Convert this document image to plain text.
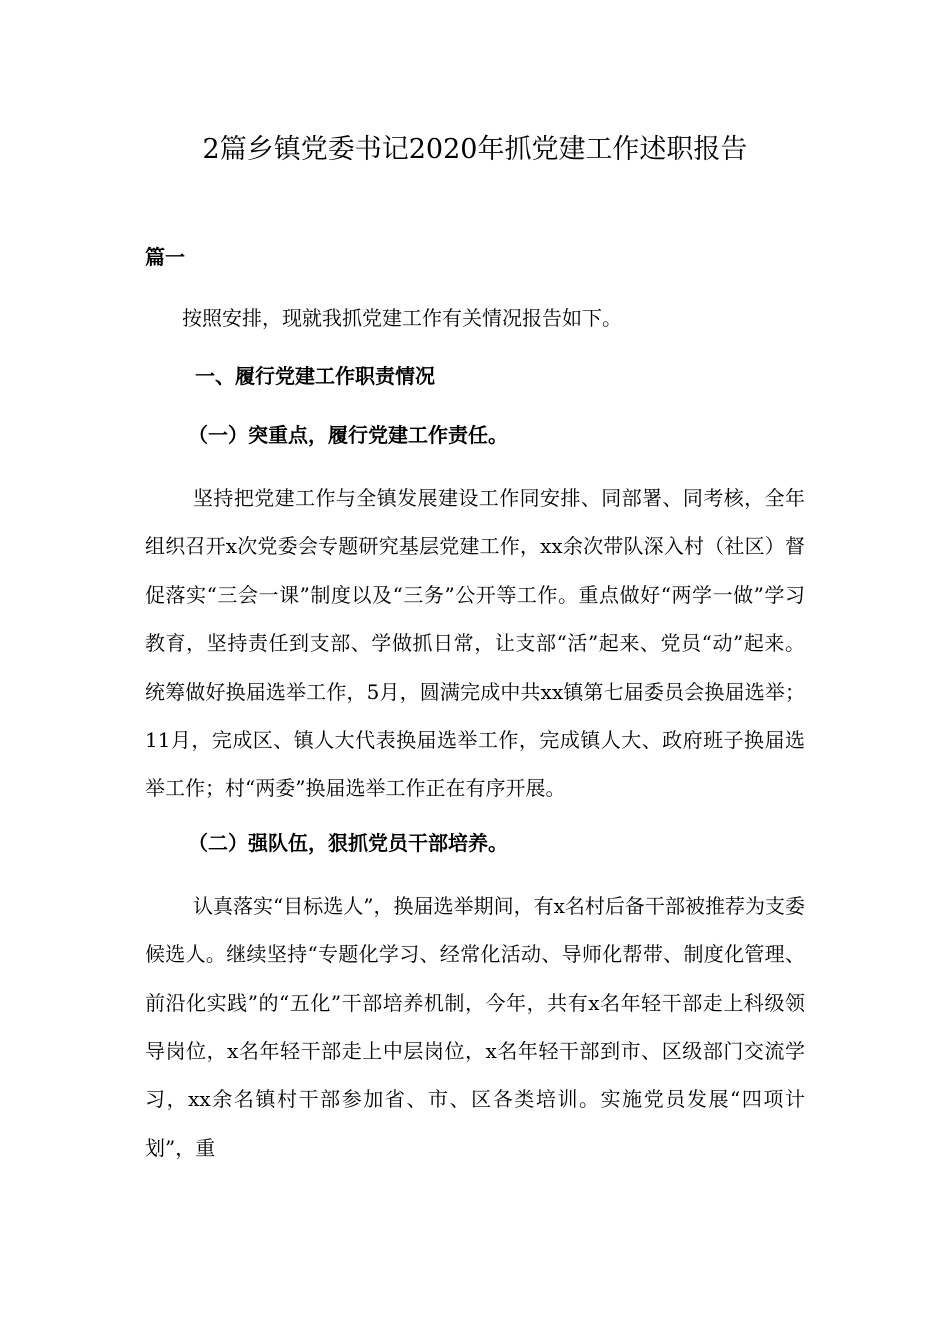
2篇乡镇党委书记2020年抓党建工作述职报告
篇一
按照安排，现就我抓党建工作有关情况报告如下。
一、履行党建工作职责情况
（一）突重点，履行党建工作责任。
坚持把党建工作与全镇发展建设工作同安排、同部署、同考核，全年组织召开x次党委会专题研究基层党建工作，xx余次带队深入村（社区）督促落实“三会一课”制度以及“三务”公开等工作。重点做好“两学一做”学习教育，坚持责任到支部、学做抓日常，让支部“活”起来、党员“动”起来。统筹做好换届选举工作，5月，圆满完成中共xx镇第七届委员会换届选举；11月，完成区、镇人大代表换届选举工作，完成镇人大、政府班子换届选举工作；村“两委”换届选举工作正在有序开展。
（二）强队伍，狠抓党员干部培养。
认真落实“目标选人”，换届选举期间，有x名村后备干部被推荐为支委候选人。继续坚持“专题化学习、经常化活动、导师化帮带、制度化管理、前沿化实践”的“五化”干部培养机制，今年，共有x名年轻干部走上科级领导岗位，x名年轻干部走上中层岗位，x名年轻干部到市、区级部门交流学习，xx余名镇村干部参加省、市、区各类培训。实施党员发展“四项计划”，重
